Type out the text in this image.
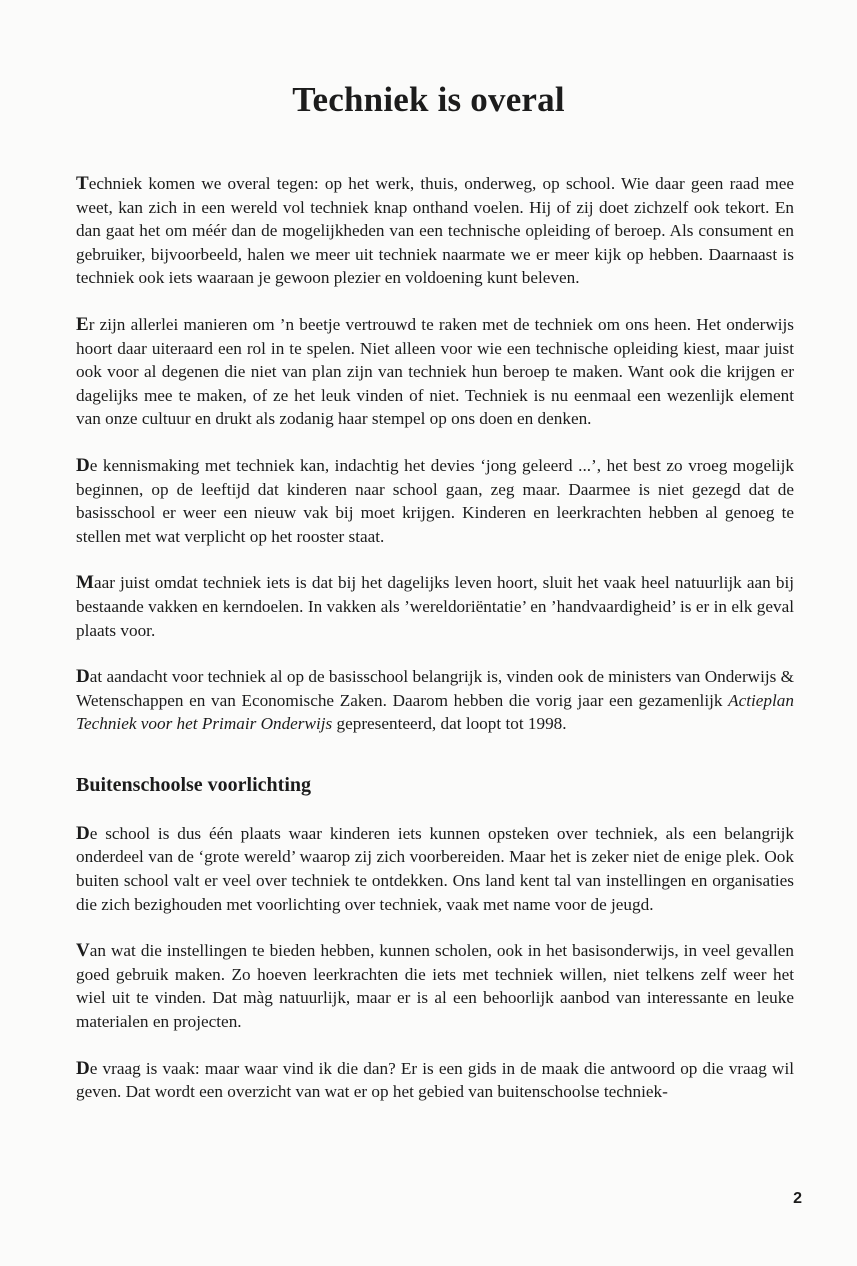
Techniek is overal

Techniek komen we overal tegen: op het werk, thuis, onderweg, op school. Wie daar geen raad mee weet, kan zich in een wereld vol techniek knap onthand voelen. Hij of zij doet zichzelf ook tekort. En dan gaat het om méér dan de mogelijkheden van een technische opleiding of beroep. Als consument en gebruiker, bijvoorbeeld, halen we meer uit techniek naarmate we er meer kijk op hebben. Daarnaast is techniek ook iets waaraan je gewoon plezier en voldoening kunt beleven.

Er zijn allerlei manieren om ’n beetje vertrouwd te raken met de techniek om ons heen. Het onderwijs hoort daar uiteraard een rol in te spelen. Niet alleen voor wie een technische opleiding kiest, maar juist ook voor al degenen die niet van plan zijn van techniek hun beroep te maken. Want ook die krijgen er dagelijks mee te maken, of ze het leuk vinden of niet. Techniek is nu eenmaal een wezenlijk element van onze cultuur en drukt als zodanig haar stempel op ons doen en denken.

De kennismaking met techniek kan, indachtig het devies ‘jong geleerd ...’, het best zo vroeg mogelijk beginnen, op de leeftijd dat kinderen naar school gaan, zeg maar. Daarmee is niet gezegd dat de basisschool er weer een nieuw vak bij moet krijgen. Kinderen en leerkrachten hebben al genoeg te stellen met wat verplicht op het rooster staat.

Maar juist omdat techniek iets is dat bij het dagelijks leven hoort, sluit het vaak heel natuurlijk aan bij bestaande vakken en kerndoelen. In vakken als ’wereldoriëntatie’ en ’handvaardigheid’ is er in elk geval plaats voor.

Dat aandacht voor techniek al op de basisschool belangrijk is, vinden ook de ministers van Onderwijs & Wetenschappen en van Economische Zaken. Daarom hebben die vorig jaar een gezamenlijk Actieplan Techniek voor het Primair Onderwijs gepresenteerd, dat loopt tot 1998.

Buitenschoolse voorlichting

De school is dus één plaats waar kinderen iets kunnen opsteken over techniek, als een belangrijk onderdeel van de ‘grote wereld’ waarop zij zich voorbereiden. Maar het is zeker niet de enige plek. Ook buiten school valt er veel over techniek te ontdekken. Ons land kent tal van instellingen en organisaties die zich bezighouden met voorlichting over techniek, vaak met name voor de jeugd.

Van wat die instellingen te bieden hebben, kunnen scholen, ook in het basisonderwijs, in veel gevallen goed gebruik maken. Zo hoeven leerkrachten die iets met techniek willen, niet telkens zelf weer het wiel uit te vinden. Dat màg natuurlijk, maar er is al een behoorlijk aanbod van interessante en leuke materialen en projecten.

De vraag is vaak: maar waar vind ik die dan? Er is een gids in de maak die antwoord op die vraag wil geven. Dat wordt een overzicht van wat er op het gebied van buitenschoolse techniek-

2
